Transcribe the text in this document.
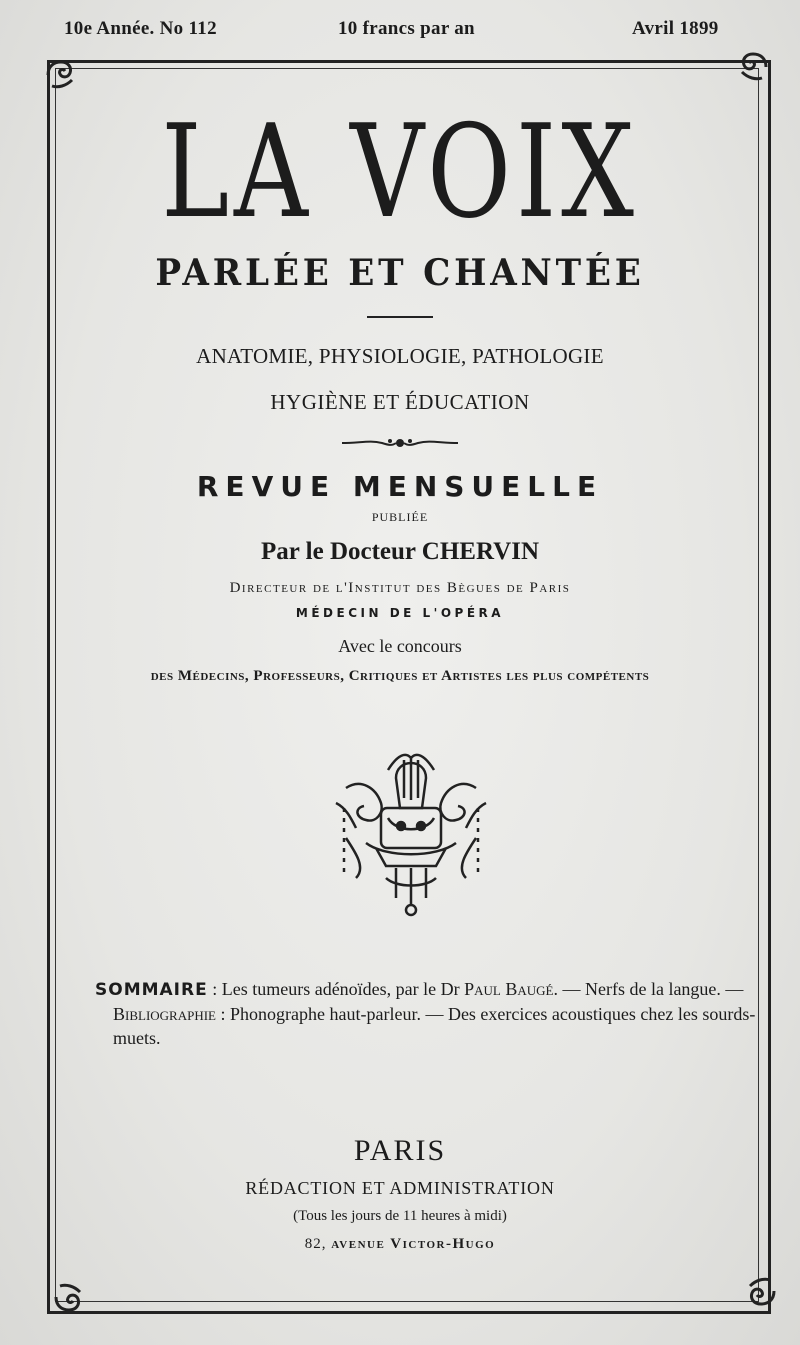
10e Année. No 112	10 francs par an	Avril 1899
LA VOIX
PARLÉE ET CHANTÉE
ANATOMIE, PHYSIOLOGIE, PATHOLOGIE
HYGIÈNE ET ÉDUCATION
REVUE MENSUELLE
PUBLIÉE
Par le Docteur CHERVIN
Directeur de l'Institut des Bègues de Paris
MÉDECIN DE L'OPÉRA
Avec le concours
des Médecins, Professeurs, Critiques et Artistes les plus compétents
SOMMAIRE : Les tumeurs adénoïdes, par le Dr Paul Baugé. — Nerfs de la langue. — Bibliographie : Phonographe haut-parleur. — Des exercices acoustiques chez les sourds-muets.
PARIS
RÉDACTION ET ADMINISTRATION
(Tous les jours de 11 heures à midi)
82, avenue Victor-Hugo
